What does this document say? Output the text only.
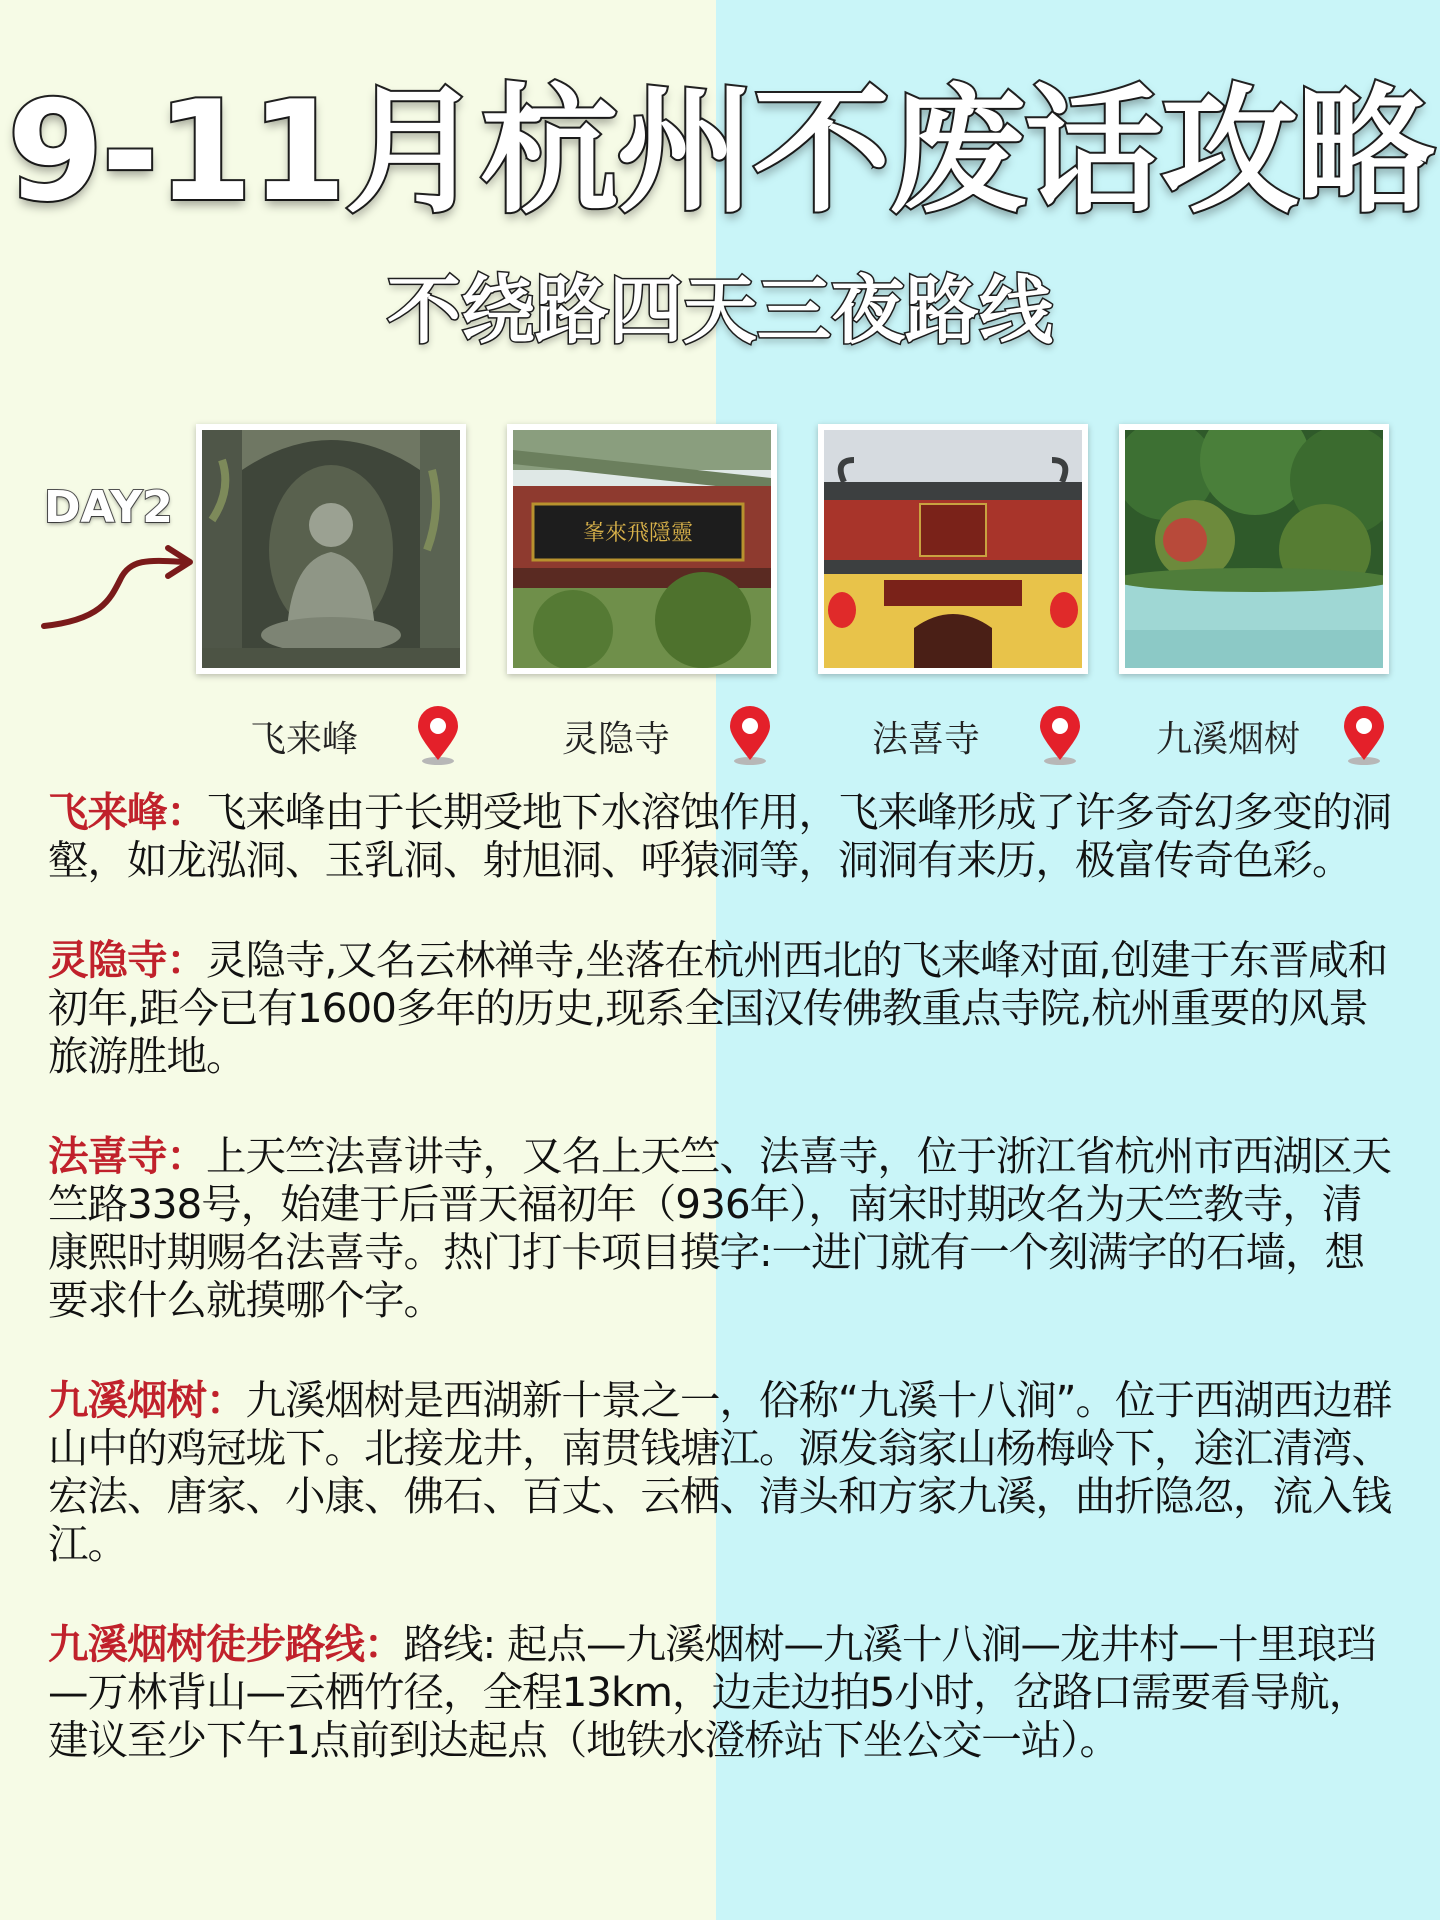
9-11月杭州不废话攻略
不绕路四天三夜路线
DAY2
峯來飛隱靈
飞来峰	灵隐寺	法喜寺	九溪烟树

飞来峰：飞来峰由于长期受地下水溶蚀作用，飞来峰形成了许多奇幻多变的洞壑，如龙泓洞、玉乳洞、射旭洞、呼猿洞等，洞洞有来历，极富传奇色彩。

灵隐寺：灵隐寺,又名云林禅寺,坐落在杭州西北的飞来峰对面,创建于东晋咸和初年,距今已有1600多年的历史,现系全国汉传佛教重点寺院,杭州重要的风景旅游胜地。

法喜寺：上天竺法喜讲寺，又名上天竺、法喜寺，位于浙江省杭州市西湖区天竺路338号，始建于后晋天福初年（936年），南宋时期改名为天竺教寺，清康熙时期赐名法喜寺。热门打卡项目摸字:一进门就有一个刻满字的石墙，想要求什么就摸哪个字。

九溪烟树：九溪烟树是西湖新十景之一，俗称“九溪十八涧”。位于西湖西边群山中的鸡冠垅下。北接龙井，南贯钱塘江。源发翁家山杨梅岭下，途汇清湾、宏法、唐家、小康、佛石、百丈、云栖、清头和方家九溪，曲折隐忽，流入钱江。

九溪烟树徒步路线：路线: 起点—九溪烟树—九溪十八涧—龙井村—十里琅珰—万林背山—云栖竹径，全程13km，边走边拍5小时，岔路口需要看导航，建议至少下午1点前到达起点（地铁水澄桥站下坐公交一站）。
